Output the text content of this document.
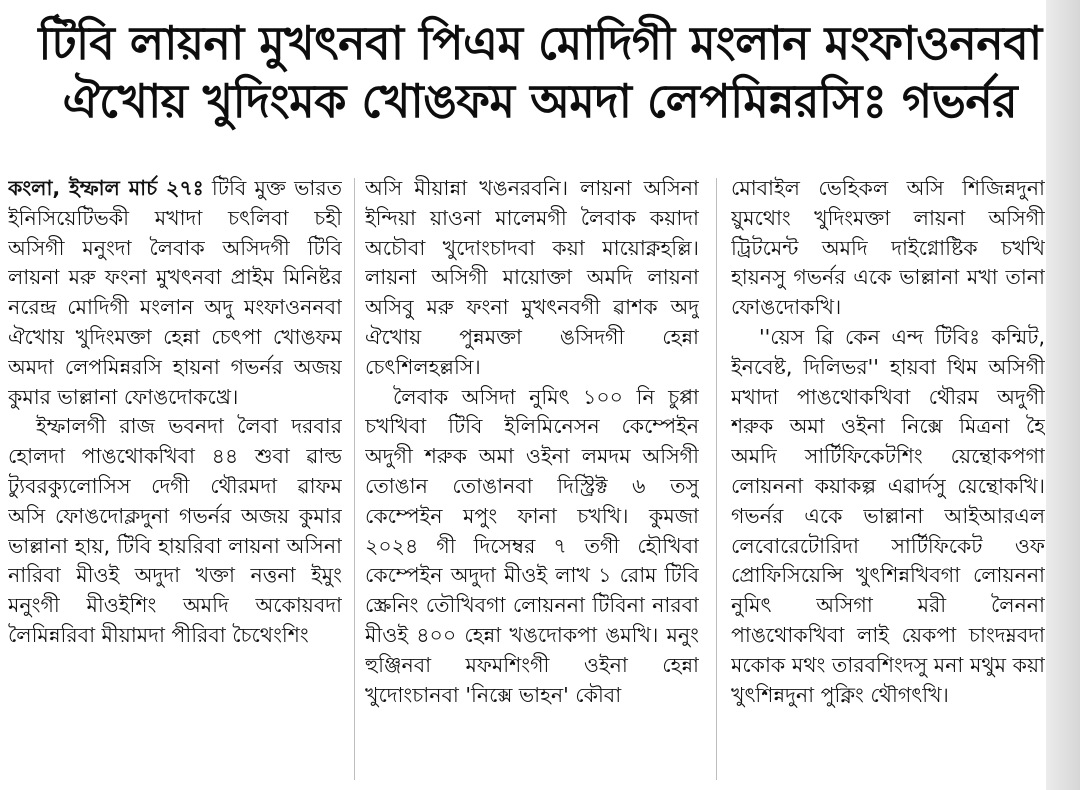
টিবি লায়না মুখৎনবা পিএম মোদিগী মংলান মংফাওননবা
ঐখোয় খুদিংমক খোঙফম অমদা লেপমিন্নরসিঃ গভর্নর

কংলা, ইম্ফাল মার্চ ২৭ঃ টিবি মুক্ত ভারত ইনিসিয়েটিভকী মখাদা চৎলিবা চহী অসিগী মনুংদা লৈবাক অসিদগী টিবি লায়না মরু ফংনা মুখৎনবা প্রাইম মিনিষ্টর নরেন্দ্র মোদিগী মংলান অদু মংফাওননবা ঐখোয় খুদিংমক্তা হেন্না চেৎপা খোঙফম অমদা লেপমিন্নরসি হায়না গভর্নর অজয় কুমার ভাল্লানা ফোঙদোকখ্রে।

ইম্ফালগী রাজ ভবনদা লৈবা দরবার হোলদা পাঙথোকখিবা ৪৪ শুবা ৱাল্ড ট্যুবরক্যুলোসিস দেগী থৌরমদা ৱাফম অসি ফোঙদোক্লদুনা গভর্নর অজয় কুমার ভাল্লানা হায়, টিবি হায়রিবা লায়না অসিনা নারিবা মীওই অদুদা খক্তা নত্তনা ইমুং মনুংগী মীওইশিং অমদি অকোয়বদা লৈমিন্নরিবা মীয়ামদা পীরিবা চৈথেংশিং

অসি মীয়ান্না খঙনরবনি। লায়না অসিনা ইন্দিয়া য়াওনা মালেমগী লৈবাক কয়াদা অচৌবা খুদোংচাদবা কয়া মায়োক্নহল্লি। লায়না অসিগী মায়োক্তা অমদি লায়না অসিবু মরু ফংনা মুখৎনবগী ৱাশক অদু ঐখোয় পুন্নমক্তা ঙসিদগী হেন্না চেৎশিলহল্লসি।

লৈবাক অসিদা নুমিৎ ১০০ নি চুপ্পা চখখিবা টিবি ইলিমিনেসন কেম্পেইন অদুগী শরুক অমা ওইনা লমদম অসিগী তোঙান তোঙানবা দিস্ট্রিক্ট ৬ তসু কেম্পেইন মপুং ফানা চখখি। কুমজা ২০২৪ গী দিসেম্বর ৭ তগী হৌখিবা কেম্পেইন অদুদা মীওই লাখ ১ রোম টিবি স্ক্রেনিং তৌখিবগা লোয়ননা টিবিনা নারবা মীওই ৪০০ হেন্না খঙদোকপা ঙমখি। মনুং হুঞ্জিনবা মফমশিংগী ওইনা হেন্না খুদোংচানবা 'নিক্সে ভাহন' কৌবা

মোবাইল ভেহিকল অসি শিজিন্নদুনা য়ুমথোং খুদিংমক্তা লায়না অসিগী ট্রিটমেন্ট অমদি দাইগ্নোষ্টিক চখখি হায়নসু গভর্নর একে ভাল্লানা মখা তানা ফোঙদোকখি।

''য়েস ৱি কেন এন্দ টিবিঃ কন্মিট, ইনবেষ্ট, দিলিভর'' হায়বা থিম অসিগী মখাদা পাঙথোকখিবা থৌরম অদুগী শরুক অমা ওইনা নিক্সে মিত্রনা হৈ অমদি সার্টিফিকেটশিং য়েন্থোকপগা লোয়ননা কয়াকল্প এৱার্দসু য়েন্থোকখি। গভর্নর একে ভাল্লানা আইআরএল লেবোরেটোরিদা সার্টিফিকেট ওফ প্রোফিসিয়েন্সি খুৎশিন্নখিবগা লোয়ননা নুমিৎ অসিগা মরী লৈননা পাঙথোকখিবা লাই য়েকপা চাংদম্নবদা মকোক মথং তারবশিংদসু মনা মথুম কয়া খুৎশিন্নদুনা পুক্নিং থৌগৎখি।
